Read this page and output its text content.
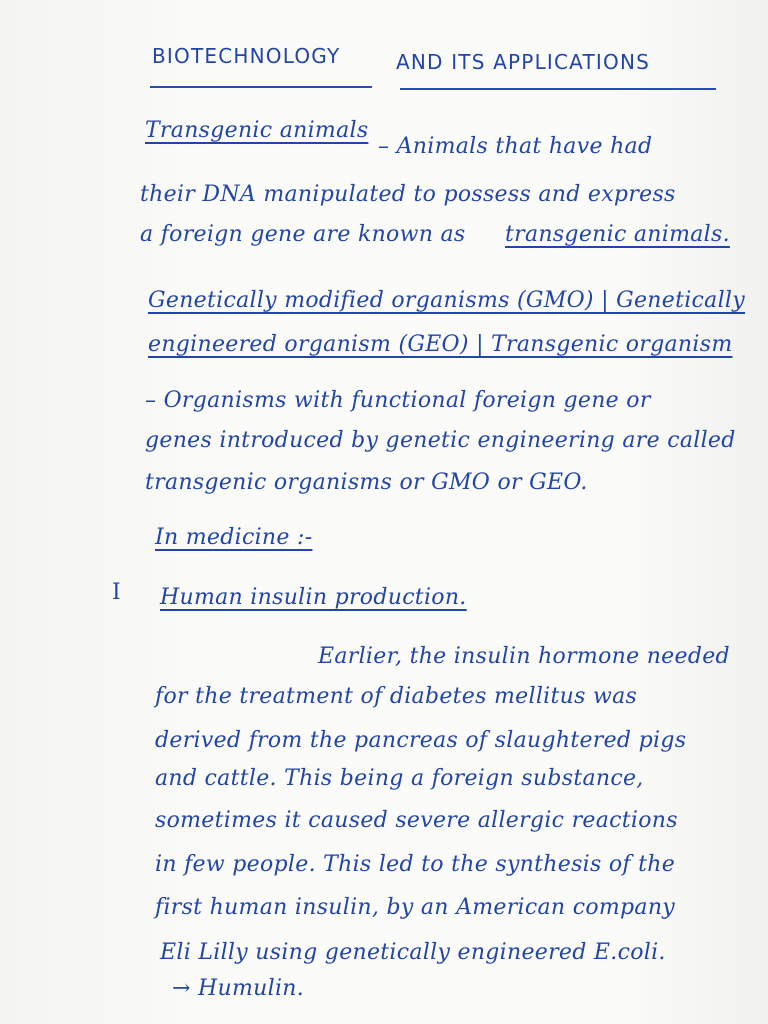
BIOTECHNOLOGY	AND ITS APPLICATIONS
Transgenic animals
– Animals that have had
their DNA manipulated to possess and express
a foreign gene are known as transgenic animals.
Genetically modified organisms (GMO) | Genetically
engineered organism (GEO) | Transgenic organism
– Organisms with functional foreign gene or
genes introduced by genetic engineering are called
transgenic organisms or GMO or GEO.
In medicine :-
I Human insulin production.
Earlier, the insulin hormone needed
for the treatment of diabetes mellitus was
derived from the pancreas of slaughtered pigs
and cattle. This being a foreign substance,
sometimes it caused severe allergic reactions
in few people. This led to the synthesis of the
first human insulin, by an American company
Eli Lilly using genetically engineered E.coli.
→ Humulin.
